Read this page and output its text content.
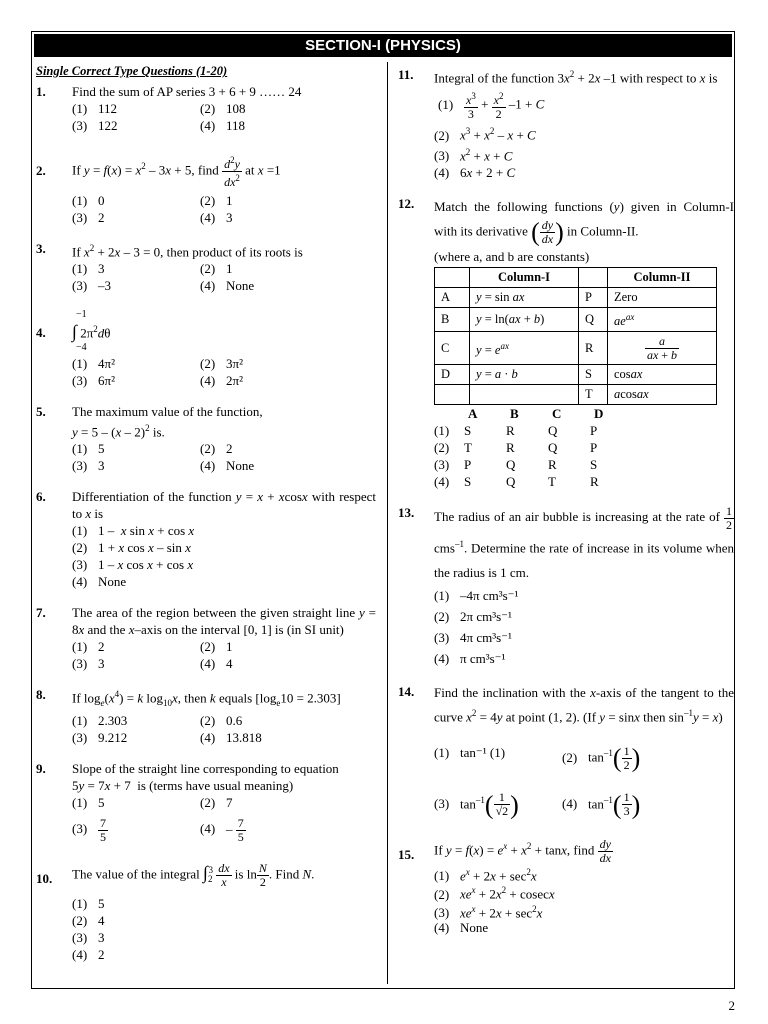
SECTION-I (PHYSICS)
2
Single Correct Type Questions (1-20)
1. Find the sum of AP series 3 + 6 + 9 …… 24
(1) 112	(2) 108
(3) 122	(4) 118
2. If $y = f(x) = x^2 - 3x + 5$, find $\frac{d^2y}{dx^2}$ at x =1
(1) 0	(2) 1
(3) 2	(4) 3
3. If $x^2 + 2x - 3 = 0$, then product of its roots is
(1) 3	(2) 1
(3) –3	(4) None
4.
−1
∫ $2\pi^2d\theta$
−4
(1) 4π²	(2) 3π²
(3) 6π²	(4) 2π²
5. The maximum value of the function,
y = 5 – (x – 2)$^2$ is.
(1) 5	(2) 2
(3) 3	(4) None
6. Differentiation of the function y = x + xcosx with respect to x is
(1) 1 –  x sin x + cos x
(2) 1 + x cos x – sin x
(3) 1 – x cos x + cos x
(4) None
7. The area of the region between the given straight line y = 8x and the x–axis on the interval [0, 1] is (in SI unit)
(1) 2	(2) 1
(3) 3	(4) 4
8. If $\log_e(x^4) = k$ $\log_{10}x$, then k equals $[\log_e10 = 2.303]$
(1) 2.303	(2) 0.6
(3) 9.212	(4) 13.818
9. Slope of the straight line corresponding to equation
5y = 7x + 7  is (terms have usual meaning)
(1) 5	(2) 7
$(3) \frac{7}{5}$	$(4) - \frac{7}{5}$
10. The value of the integral $\int_2^3 \frac{dx}{x}$ is $\ln \frac{N}{2}$ . Find N.
(1) 5
(2) 4
(3) 3
(4) 2
11. Integral of the function $3x^2 + 2x$ –1 with respect to x is
$(1) \frac{x^3}{3} + \frac{x^2}{2} -1 + C$
(2) $x^3 + x^2 - x + C$
(3) $x^2 + x + C$
(4) 6x + 2 + C
12. Match the following functions (y) given in Column-I with its derivative ( $\frac{dy}{dx}$ ) in Column-II.
(where a, and b are constants)
	Column-I		Column-II
A	y = sin ax	P	Zero
B	y = ln(ax + b)	Q	$ae^{ax}$
C	$y = e^{ax}$	R	$\frac{a}{ax + b}$

D	y = a · b	S	cosax
		T	acosax
A	B	C	D
(1)	S	R	Q	P
(2)	T	R	Q	P
(3)	P	Q	R	S
(4)	S	Q	T	R
13. The radius of an air bubble is increasing at the rate of $\frac{1}{2}$
cms$^{-1}$. Determine the rate of increase in its volume when the radius is 1 cm.
(1) –4π cm³s⁻¹
(2) 2π cm³s⁻¹
(3) 4π cm³s⁻¹
(4) π cm³s⁻¹
14. Find the inclination with the x-axis of the tangent to the curve $x^2 = 4y$ at point (1, 2). (If y = sinx then $\sin^{-1}y = x$)
(1) tan⁻¹ (1)	(2) $\tan^{-1}( \frac{1}{2}$ )
(3) $\tan^{-1}( \frac{1}{√2}$ )	(4) $\tan^{-1}( \frac{1}{3}$ )
15. If $y = f(x) = e^x + x^2 + \tan x$, find $\frac{dy}{dx}$
(1) $e^x + 2x + \sec^2x$
(2) $xe^x + 2x^2 + cosecx$
(3) $xe^x + 2x + \sec^2x$
(4) None
